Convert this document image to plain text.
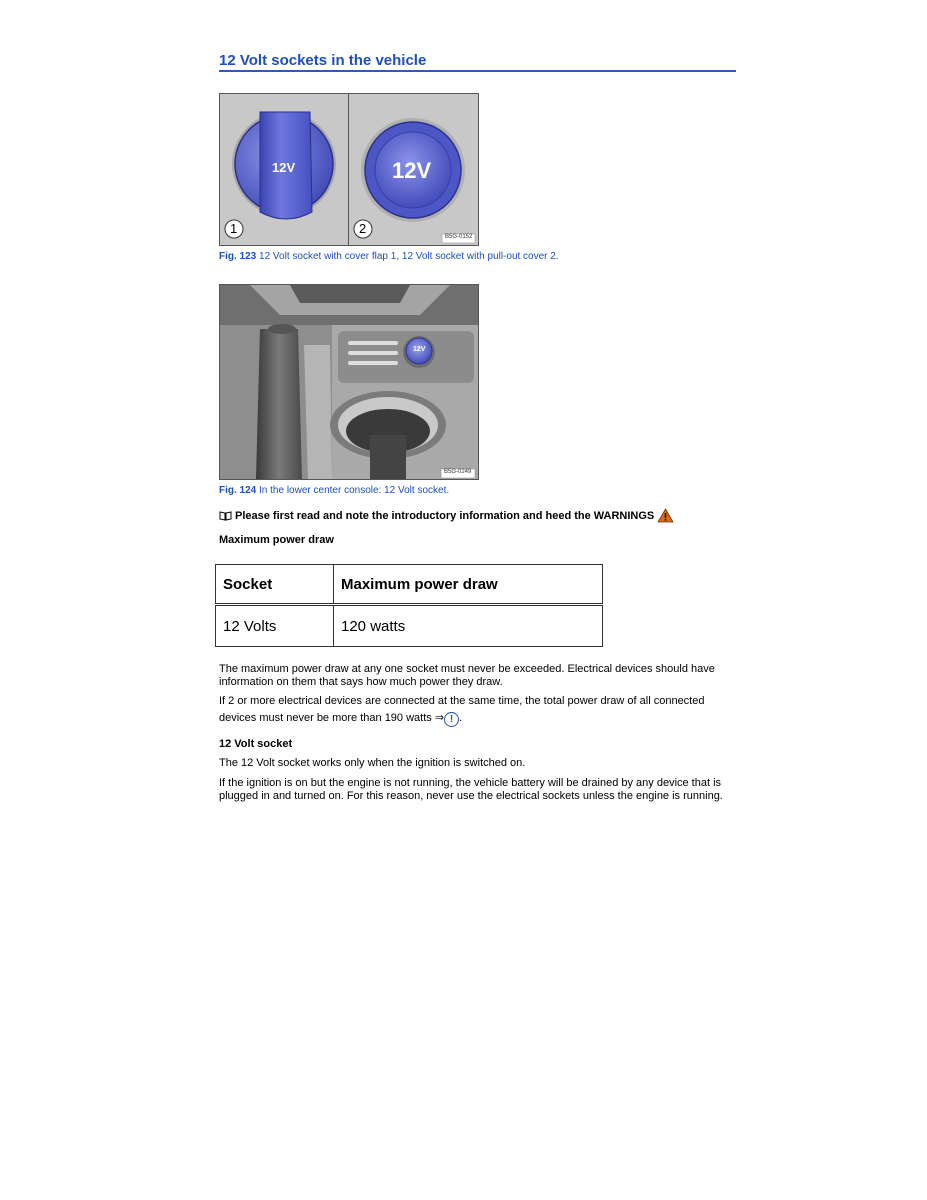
12 Volt sockets in the vehicle
12V	12V
1	2
B5G-0152
Fig. 123 12 Volt socket with cover flap 1, 12 Volt socket with pull-out cover 2.
12V
B5G-0249
Fig. 124 In the lower center console: 12 Volt socket.
Please first read and note the introductory information and heed the WARNINGS
Maximum power draw
Socket	Maximum power draw
12 Volts	120 watts
The maximum power draw at any one socket must never be exceeded. Electrical devices should have information on them that says how much power they draw.
If 2 or more electrical devices are connected at the same time, the total power draw of all connected
devices must never be more than 190 watts ⇒ ! .
12 Volt socket
The 12 Volt socket works only when the ignition is switched on.
If the ignition is on but the engine is not running, the vehicle battery will be drained by any device that is plugged in and turned on. For this reason, never use the electrical sockets unless the engine is running.
